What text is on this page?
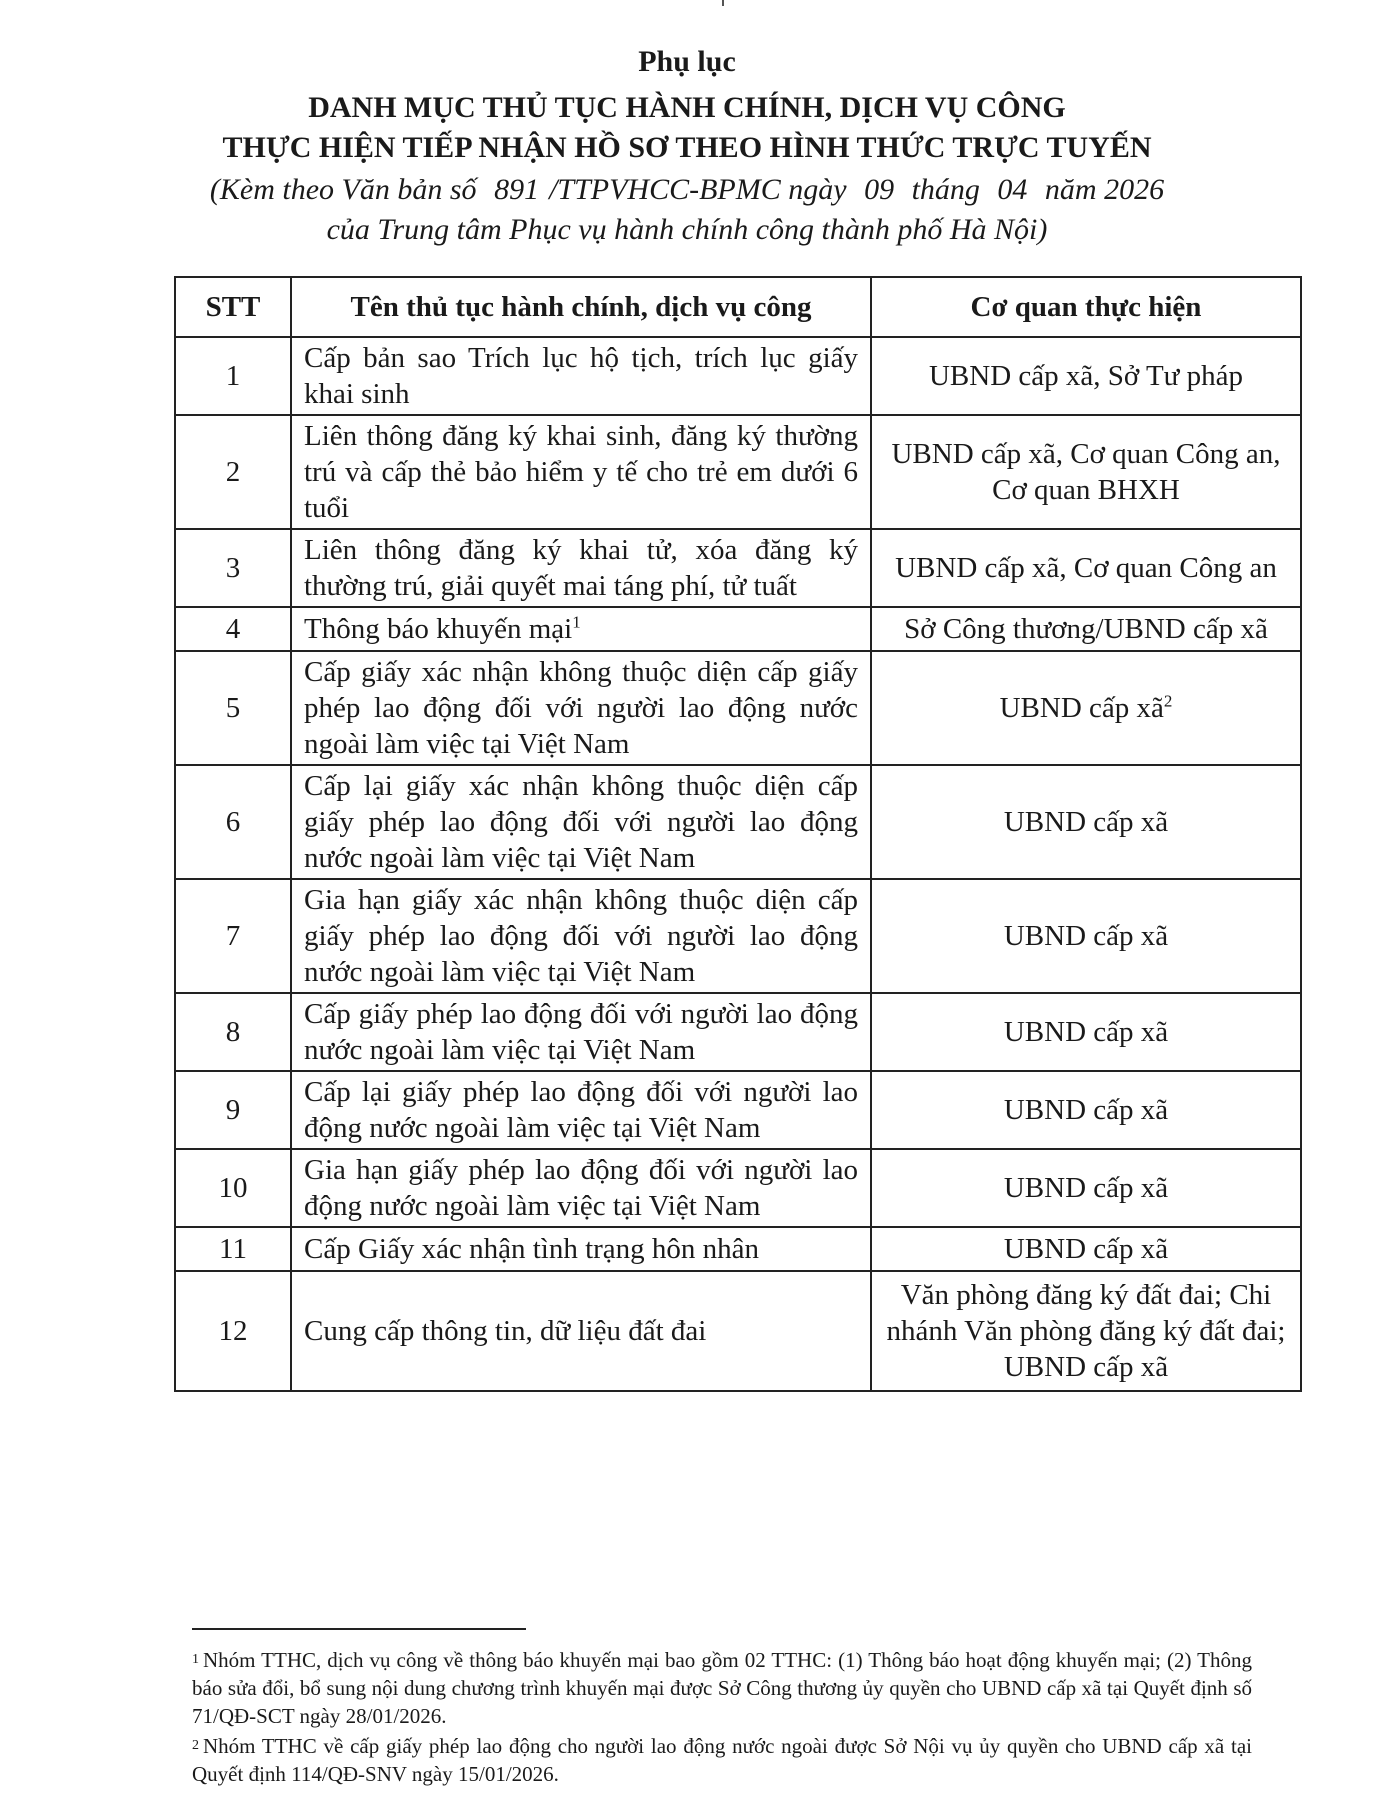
Phụ lục
DANH MỤC THỦ TỤC HÀNH CHÍNH, DỊCH VỤ CÔNG
THỰC HIỆN TIẾP NHẬN HỒ SƠ THEO HÌNH THỨC TRỰC TUYẾN
(Kèm theo Văn bản số 891 /TTPVHCC-BPMC ngày 09 tháng 04 năm 2026
của Trung tâm Phục vụ hành chính công thành phố Hà Nội)
STT	Tên thủ tục hành chính, dịch vụ công	Cơ quan thực hiện
1	Cấp bản sao Trích lục hộ tịch, trích lục giấy khai sinh	UBND cấp xã, Sở Tư pháp
2	Liên thông đăng ký khai sinh, đăng ký thường trú và cấp thẻ bảo hiểm y tế cho trẻ em dưới 6 tuổi	UBND cấp xã, Cơ quan Công an, Cơ quan BHXH
3	Liên thông đăng ký khai tử, xóa đăng ký thường trú, giải quyết mai táng phí, tử tuất	UBND cấp xã, Cơ quan Công an
4	Thông báo khuyến mại$^1$	Sở Công thương/UBND cấp xã
5	Cấp giấy xác nhận không thuộc diện cấp giấy phép lao động đối với người lao động nước ngoài làm việc tại Việt Nam	UBND cấp $xã^2$
6	Cấp lại giấy xác nhận không thuộc diện cấp giấy phép lao động đối với người lao động nước ngoài làm việc tại Việt Nam	UBND cấp xã
7	Gia hạn giấy xác nhận không thuộc diện cấp giấy phép lao động đối với người lao động nước ngoài làm việc tại Việt Nam	UBND cấp xã
8	Cấp giấy phép lao động đối với người lao động nước ngoài làm việc tại Việt Nam	UBND cấp xã
9	Cấp lại giấy phép lao động đối với người lao động nước ngoài làm việc tại Việt Nam	UBND cấp xã
10	Gia hạn giấy phép lao động đối với người lao động nước ngoài làm việc tại Việt Nam	UBND cấp xã
11	Cấp Giấy xác nhận tình trạng hôn nhân	UBND cấp xã
12	Cung cấp thông tin, dữ liệu đất đai	Văn phòng đăng ký đất đai; Chi nhánh Văn phòng đăng ký đất đai; UBND cấp xã
$^1$ Nhóm TTHC, dịch vụ công về thông báo khuyến mại bao gồm 02 TTHC: (1) Thông báo hoạt động khuyến mại; (2) Thông báo sửa đổi, bổ sung nội dung chương trình khuyến mại được Sở Công thương ủy quyền cho UBND cấp xã tại Quyết định số 71/QĐ-SCT ngày 28/01/2026.
$^2$ Nhóm TTHC về cấp giấy phép lao động cho người lao động nước ngoài được Sở Nội vụ ủy quyền cho UBND cấp xã tại Quyết định 114/QĐ-SNV ngày 15/01/2026.
